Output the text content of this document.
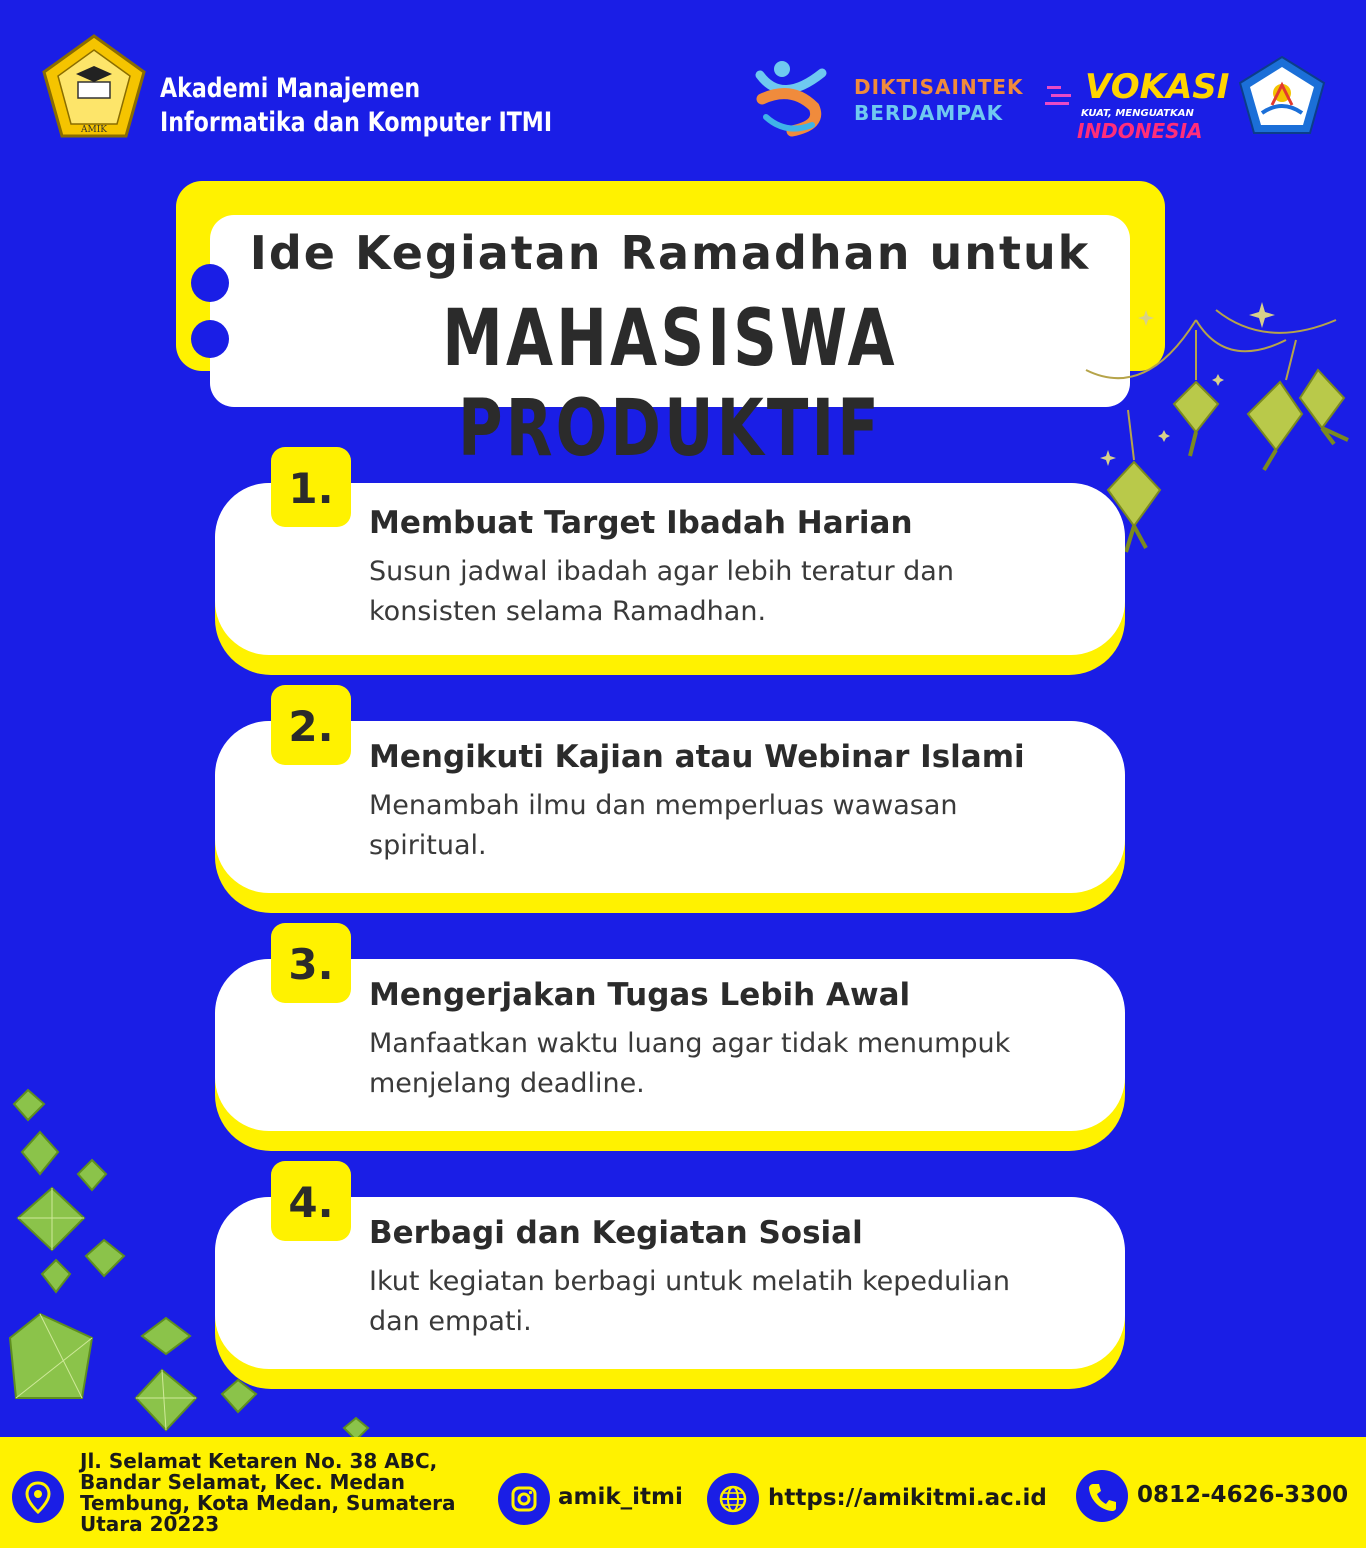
AMIK
Akademi Manajemen
Informatika dan Komputer ITMI
DIKTISAINTEK
BERDAMPAK
VOKASI
KUAT, MENGUATKAN
INDONESIA
Ide Kegiatan Ramadhan untuk
MAHASISWA PRODUKTIF
1.
Membuat Target Ibadah Harian
Susun jadwal ibadah agar lebih teratur dan
konsisten selama Ramadhan.
2.
Mengikuti Kajian atau Webinar Islami
Menambah ilmu dan memperluas wawasan
spiritual.
3.
Mengerjakan Tugas Lebih Awal
Manfaatkan waktu luang agar tidak menumpuk
menjelang deadline.
4.
Berbagi dan Kegiatan Sosial
Ikut kegiatan berbagi untuk melatih kepedulian
dan empati.
Jl. Selamat Ketaren No. 38 ABC,
Bandar Selamat, Kec. Medan
Tembung, Kota Medan, Sumatera
Utara 20223
amik_itmi	https://amikitmi.ac.id	0812-4626-3300
